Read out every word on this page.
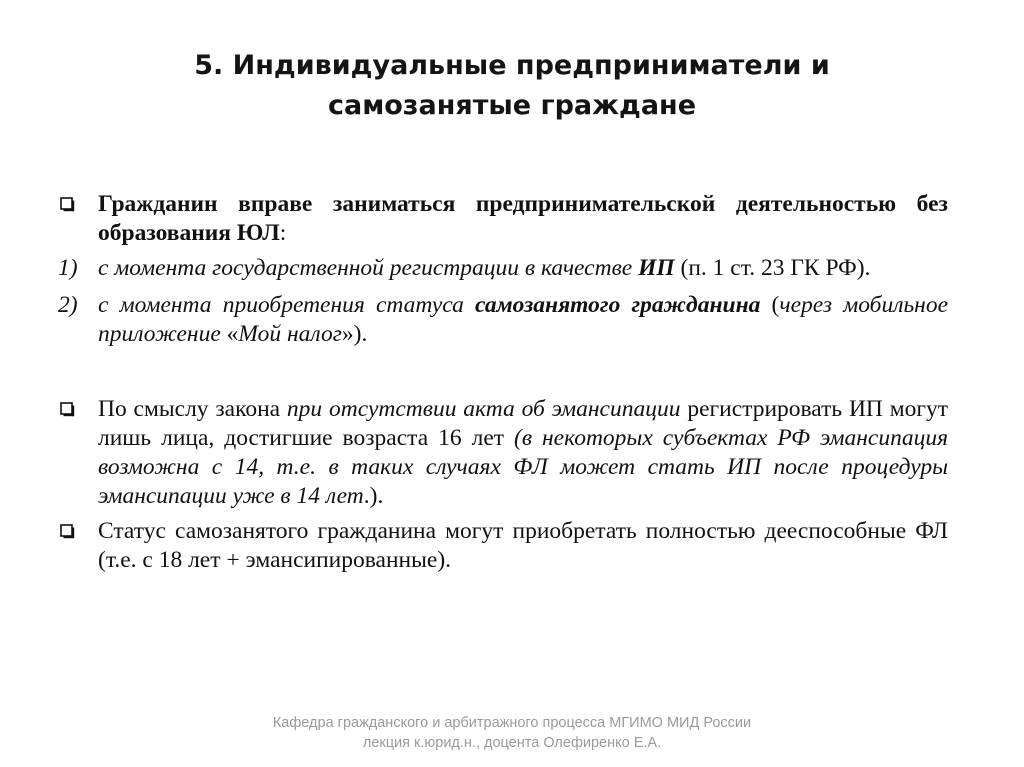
5. Индивидуальные предприниматели и
самозанятые граждане
Гражданин вправе заниматься предпринимательской деятельностью без образования ЮЛ:
1) с момента государственной регистрации в качестве ИП (п. 1 ст. 23 ГК РФ).
2) с момента приобретения статуса самозанятого гражданина (через мобильное приложение «Мой налог»).
По смыслу закона при отсутствии акта об эмансипации регистрировать ИП могут лишь лица, достигшие возраста 16 лет (в некоторых субъектах РФ эмансипация возможна с 14, т.е. в таких случаях ФЛ может стать ИП после процедуры эмансипации уже в 14 лет.).
Статус самозанятого гражданина могут приобретать полностью дееспособные ФЛ (т.е. с 18 лет + эмансипированные).
Кафедра гражданского и арбитражного процесса МГИМО МИД России
лекция к.юрид.н., доцента Олефиренко Е.А.
